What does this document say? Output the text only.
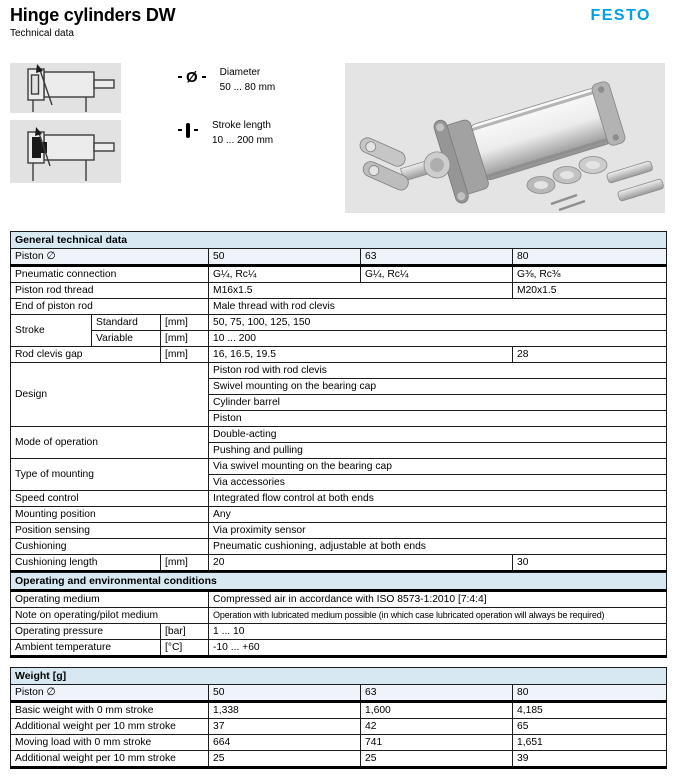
Hinge cylinders DW
Technical data
FESTO
Ø Diameter
50 ... 80 mm
Stroke length
10 ... 200 mm
General technical data					
Piston ∅			50	63	80
Pneumatic connection			G¼, Rc¼	G¼, Rc¼	G⅜, Rc⅜
Piston rod thread			M16x1.5		M20x1.5
End of piston rod			Male thread with rod clevis		
Stroke	Standard	[mm]	50, 75, 100, 125, 150		
	Variable	[mm]	10 ... 200		
Rod clevis gap		[mm]	16, 16.5, 19.5		28
Design			Piston rod with rod clevis		
			Swivel mounting on the bearing cap		
			Cylinder barrel		
			Piston		
Mode of operation			Double-acting		
			Pushing and pulling		
Type of mounting			Via swivel mounting on the bearing cap		
			Via accessories		
Speed control			Integrated flow control at both ends		
Mounting position			Any		
Position sensing			Via proximity sensor		
Cushioning			Pneumatic cushioning, adjustable at both ends		
Cushioning length		[mm]	20		30
Operating and environmental conditions		
Operating medium		Compressed air in accordance with ISO 8573-1:2010 [7:4:4]
Note on operating/pilot medium		Operation with lubricated medium possible (in which case lubricated operation will always be required)
Operating pressure	[bar]	1 ... 10
Ambient temperature	[°C]	-10 ... +60
Weight [g]			
Piston ∅	50	63	80
Basic weight with 0 mm stroke	1,338	1,600	4,185
Additional weight per 10 mm stroke	37	42	65
Moving load with 0 mm stroke	664	741	1,651
Additional weight per 10 mm stroke	25	25	39
